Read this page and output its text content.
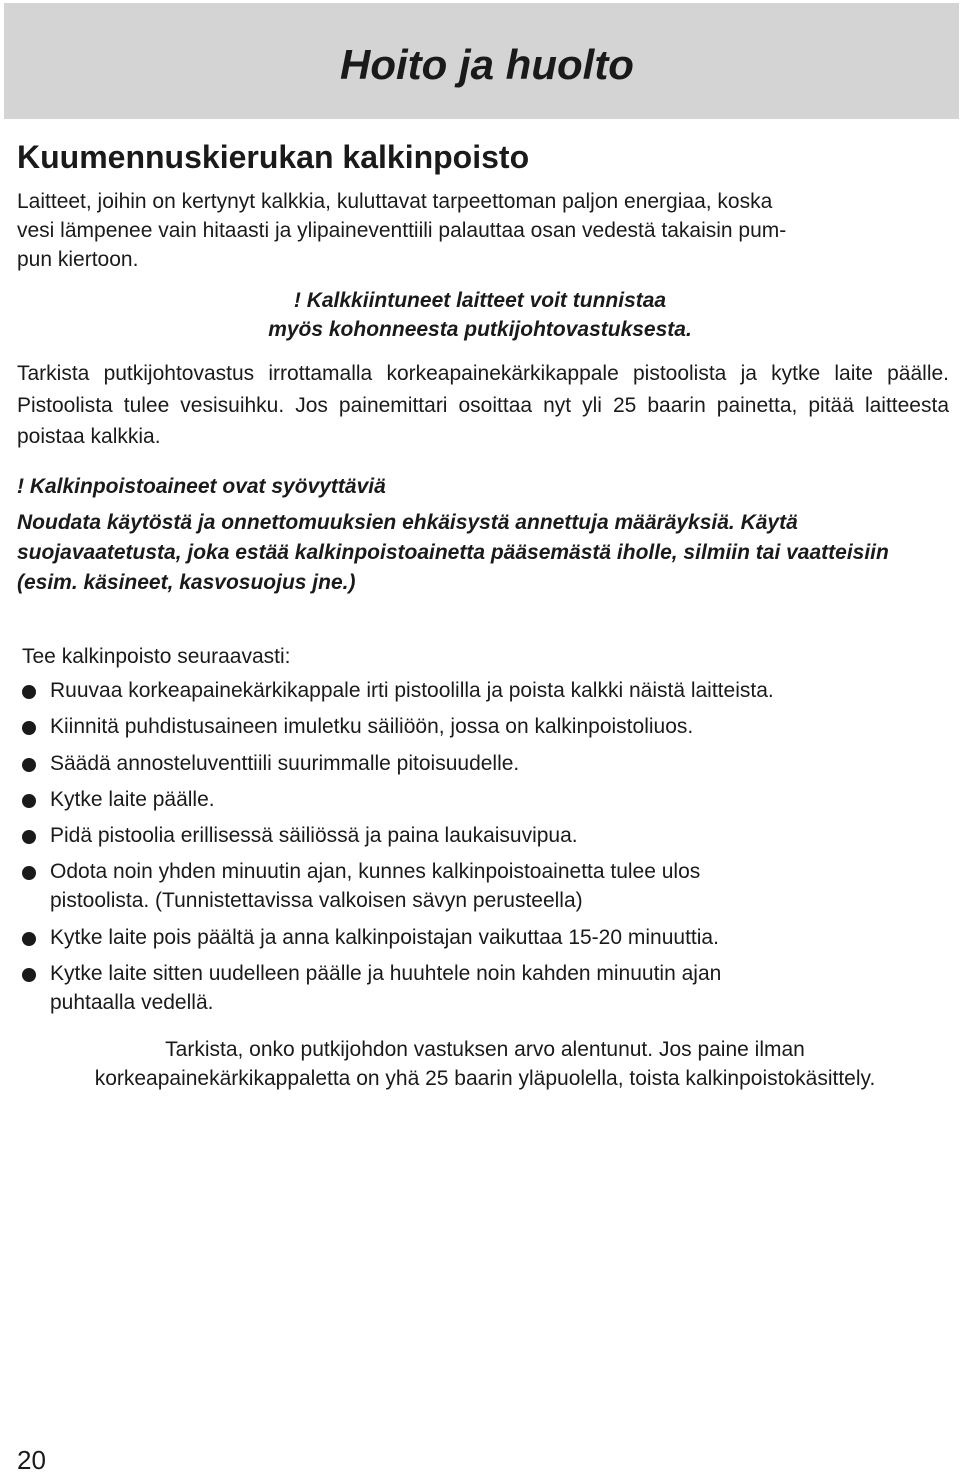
Hoito ja huolto
Kuumennuskierukan kalkinpoisto

Laitteet, joihin on kertynyt kalkkia, kuluttavat tarpeettoman paljon energiaa, koska
vesi lämpenee vain hitaasti ja ylipaineventtiili palauttaa osan vedestä takaisin pum-
pun kiertoon.

! Kalkkiintuneet laitteet voit tunnistaa
myös kohonneesta putkijohtovastuksesta.

Tarkista putkijohtovastus irrottamalla korkeapainekärkikappale pistoolista ja kytke laite päälle. Pistoolista tulee vesisuihku. Jos painemittari osoittaa nyt yli 25 baarin painetta, pitää laitteesta poistaa kalkkia.

! Kalkinpoistoaineet ovat syövyttäviä

Noudata käytöstä ja onnettomuuksien ehkäisystä annettuja määräyksiä. Käytä suojavaatetusta, joka estää kalkinpoistoainetta pääsemästä iholle, silmiin tai vaatteisiin (esim. käsineet, kasvosuojus jne.)

Tee kalkinpoisto seuraavasti:

Ruuvaa korkeapainekärkikappale irti pistoolilla ja poista kalkki näistä laitteista.
Kiinnitä puhdistusaineen imuletku säiliöön, jossa on kalkinpoistoliuos.
Säädä annosteluventtiili suurimmalle pitoisuudelle.
Kytke laite päälle.
Pidä pistoolia erillisessä säiliössä ja paina laukaisuvipua.
Odota noin yhden minuutin ajan, kunnes kalkinpoistoainetta tulee ulos
pistoolista. (Tunnistettavissa valkoisen sävyn perusteella)
Kytke laite pois päältä ja anna kalkinpoistajan vaikuttaa 15-20 minuuttia.
Kytke laite sitten uudelleen päälle ja huuhtele noin kahden minuutin ajan
puhtaalla vedellä.

Tarkista, onko putkijohdon vastuksen arvo alentunut. Jos paine ilman
korkeapainekärkikappaletta on yhä 25 baarin yläpuolella, toista kalkinpoistokäsittely.

20
